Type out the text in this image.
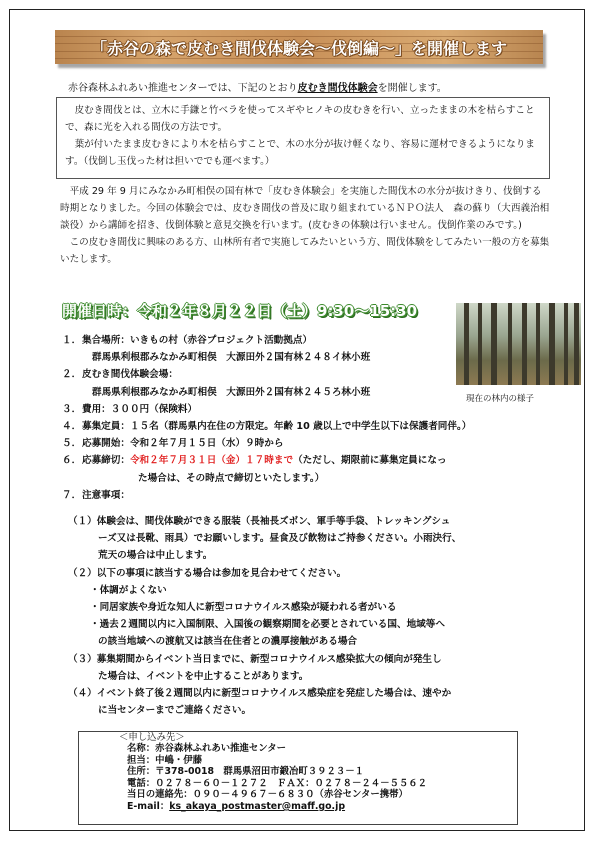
「赤谷の森で皮むき間伐体験会～伐倒編～」を開催します
赤谷森林ふれあい推進センターでは、下記のとおり皮むき間伐体験会を開催します。

皮むき間伐とは、立木に手鎌と竹ベラを使ってスギやヒノキの皮むきを行い、立ったままの木を枯らすことで、森に光を入れる間伐の方法です。

葉が付いたまま皮むきにより木を枯らすことで、木の水分が抜け軽くなり、容易に運材できるようになります。（伐倒し玉伐った材は担いででも運べます。）

平成 29 年 9 月にみなかみ町相俣の国有林で「皮むき体験会」を実施した間伐木の水分が抜けきり、伐倒する時期となりました。今回の体験会では、皮むき間伐の普及に取り組まれているＮＰＯ法人　森の蘇り（大西義治相談役）から講師を招き、伐倒体験と意見交換を行います。(皮むきの体験は行いません。伐倒作業のみです。)

この皮むき間伐に興味のある方、山林所有者で実施してみたいという方、間伐体験をしてみたい一般の方を募集いたします。

開催日時：令和２年８月２２日（土）9:30～15:30
現在の林内の様子
１．集合場所：いきもの村（赤谷プロジェクト活動拠点）
群馬県利根郡みなかみ町相俣　大源田外２国有林２４８イ林小班
２．皮むき間伐体験会場：
群馬県利根郡みなかみ町相俣　大源田外２国有林２４５ろ林小班
３．費用：３００円（保険料）
４．募集定員：１５名（群馬県内在住の方限定。年齢 10 歳以上で中学生以下は保護者同伴。）
５．応募開始：令和２年７月１５日（水）９時から
６．応募締切：令和２年７月３１日（金）１７時まで（ただし、期限前に募集定員になっ
た場合は、その時点で締切といたします。）
７．注意事項：
（１）体験会は、間伐体験ができる服装（長袖長ズボン、軍手等手袋、トレッキングシュ
ーズ又は長靴、雨具）でお願いします。昼食及び飲物はご持参ください。小雨決行、
荒天の場合は中止します。
（２）以下の事項に該当する場合は参加を見合わせてください。
・体調がよくない
・同居家族や身近な知人に新型コロナウイルス感染が疑われる者がいる
・過去２週間以内に入国制限、入国後の観察期間を必要とされている国、地域等へ
の該当地域への渡航又は該当在住者との濃厚接触がある場合
（３）募集期間からイベント当日までに、新型コロナウイルス感染拡大の傾向が発生し
た場合は、イベントを中止することがあります。
（４）イベント終了後２週間以内に新型コロナウイルス感染症を発症した場合は、速やか
に当センターまでご連絡ください。
＜申し込み先＞
名称：赤谷森林ふれあい推進センター
担当：中嶋・伊藤
住所：〒378-0018　群馬県沼田市鍛冶町３９２３－１
電話：０２７８－６０－１２７２　ＦＡＸ：０２７８－２４－５５６２
当日の連絡先：０９０－４９６７－６８３０（赤谷センター携帯）
E-mail：ks_akaya_postmaster@maff.go.jp
